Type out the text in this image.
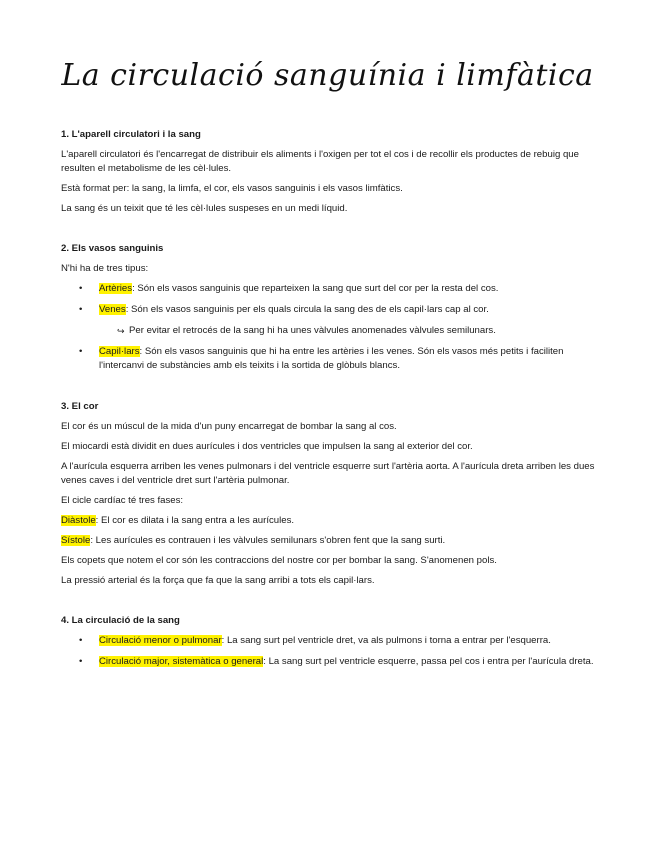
La circulació sanguínia i limfàtica
1. L'aparell circulatori i la sang

L'aparell circulatori és l'encarregat de distribuir els aliments i l'oxigen per tot el cos i de recollir els productes de rebuig que resulten el metabolisme de les cèl·lules.

Està format per: la sang, la limfa, el cor, els vasos sanguinis i els vasos limfàtics.

La sang és un teixit que té les cèl·lules suspeses en un medi líquid.

2. Els vasos sanguinis

N'hi ha de tres tipus:

• Artèries: Són els vasos sanguinis que reparteixen la sang que surt del cor per la resta del cos.
• Venes: Són els vasos sanguinis per els quals circula la sang des de els capil·lars cap al cor.
↪ Per evitar el retrocés de la sang hi ha unes vàlvules anomenades vàlvules semilunars.
• Capil·lars: Són els vasos sanguinis que hi ha entre les artèries i les venes. Són els vasos més petits i faciliten l'intercanvi de substàncies amb els teixits i la sortida de glòbuls blancs.
3. El cor

El cor és un múscul de la mida d'un puny encarregat de bombar la sang al cos.

El miocardi està dividit en dues aurícules i dos ventricles que impulsen la sang al exterior del cor.

A l'aurícula esquerra arriben les venes pulmonars i del ventricle esquerre surt l'artèria aorta. A l'aurícula dreta arriben les dues venes caves i del ventricle dret surt l'artèria pulmonar.

El cicle cardíac té tres fases:

Diàstole: El cor es dilata i la sang entra a les aurícules.

Sístole: Les aurícules es contrauen i les vàlvules semilunars s'obren fent que la sang surti.

Els copets que notem el cor són les contraccions del nostre cor per bombar la sang. S'anomenen pols.

La pressió arterial és la força que fa que la sang arribi a tots els capil·lars.

4. La circulació de la sang
• Circulació menor o pulmonar: La sang surt pel ventricle dret, va als pulmons i torna a entrar per l'esquerra.
• Circulació major, sistemàtica o general: La sang surt pel ventricle esquerre, passa pel cos i entra per l'aurícula dreta.
